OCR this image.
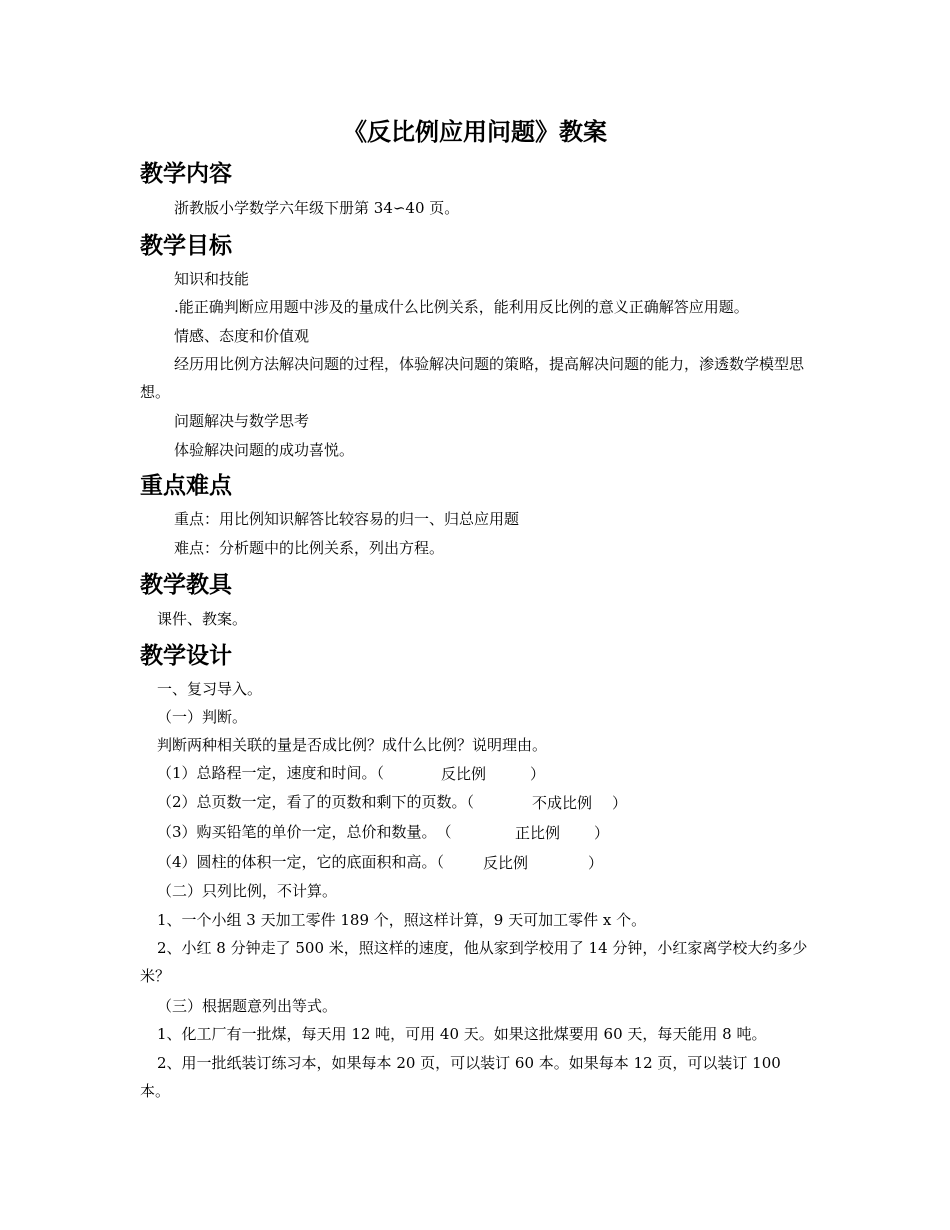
《反比例应用问题》教案
教学内容
浙教版小学数学六年级下册第 34∽40 页。
教学目标
知识和技能
.能正确判断应用题中涉及的量成什么比例关系，能利用反比例的意义正确解答应用题。
情感、态度和价值观
经历用比例方法解决问题的过程，体验解决问题的策略，提高解决问题的能力，渗透数学模型思想。
问题解决与数学思考
体验解决问题的成功喜悦。
重点难点
重点：用比例知识解答比较容易的归一、归总应用题
难点：分析题中的比例关系，列出方程。
教学教具
课件、教案。
教学设计
一、复习导入。
（一）判断。
判断两种相关联的量是否成比例？成什么比例？说明理由。
（1）总路程一定，速度和时间。（	反比例	）
（2）总页数一定，看了的页数和剩下的页数。（	不成比例 ）
（3）购买铅笔的单价一定，总价和数量。　（	正比例 ）
（4）圆柱的体积一定，它的底面积和高。（	反比例	）
（二）只列比例，不计算。
1、一个小组 3 天加工零件 189 个，照这样计算，9 天可加工零件 x 个。
2、小红 8 分钟走了 500 米，照这样的速度，他从家到学校用了 14 分钟，小红家离学校大约多少米？
（三）根据题意列出等式。
1、化工厂有一批煤，每天用 12 吨，可用 40 天。如果这批煤要用 60 天，每天能用 8 吨。
2、用一批纸装订练习本，如果每本 20 页，可以装订 60 本。如果每本 12 页，可以装订 100 本。
